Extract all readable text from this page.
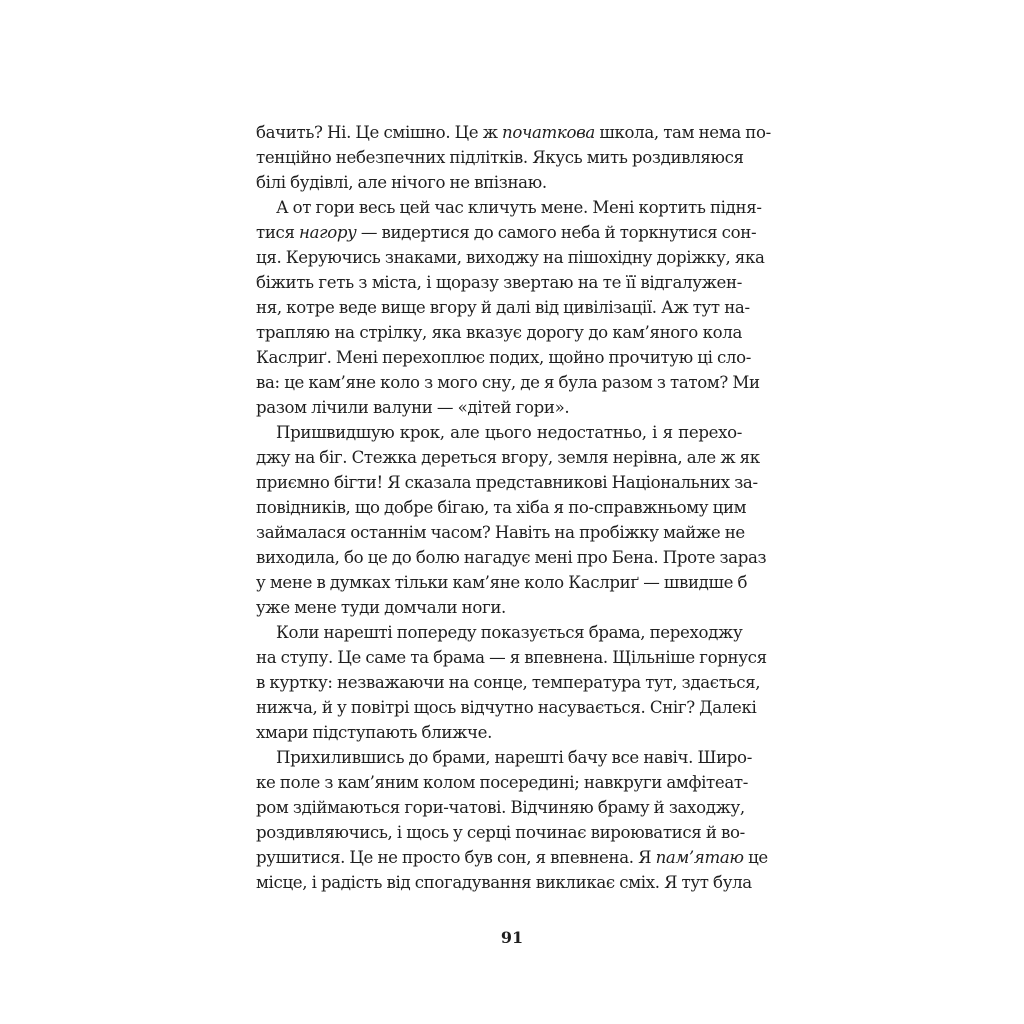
бачить? Ні. Це смішно. Це ж початкова школа, там нема по-
тенційно небезпечних підлітків. Якусь мить роздивляюся
білі будівлі, але нічого не впізнаю.
А от гори весь цей час кличуть мене. Мені кортить підня-
тися нагору — видертися до самого неба й торкнутися сон-
ця. Керуючись знаками, виходжу на пішохідну доріжку, яка
біжить геть з міста, і щоразу звертаю на те її відгалужен-
ня, котре веде вище вгору й далі від цивілізації. Аж тут на-
трапляю на стрілку, яка вказує дорогу до кам’яного кола
Каслриґ. Мені перехоплює подих, щойно прочитую ці сло-
ва: це кам’яне коло з мого сну, де я була разом з татом? Ми
разом лічили валуни — «дітей гори».
Пришвидшую крок, але цього недостатньо, і я перехо-
джу на біг. Стежка дереться вгору, земля нерівна, але ж як
приємно бігти! Я сказала представникові Національних за-
повідників, що добре бігаю, та хіба я по-справжньому цим
займалася останнім часом? Навіть на пробіжку майже не
виходила, бо це до болю нагадує мені про Бена. Проте зараз
у мене в думках тільки кам’яне коло Каслриґ — швидше б
уже мене туди домчали ноги.
Коли нарешті попереду показується брама, переходжу
на ступу. Це саме та брама — я впевнена. Щільніше горнуся
в куртку: незважаючи на сонце, температура тут, здається,
нижча, й у повітрі щось відчутно насувається. Сніг? Далекі
хмари підступають ближче.
Прихилившись до брами, нарешті бачу все навіч. Широ-
ке поле з кам’яним колом посередині; навкруги амфітеат-
ром здіймаються гори-чатові. Відчиняю браму й заходжу,
роздивляючись, і щось у серці починає вироюватися й во-
рушитися. Це не просто був сон, я впевнена. Я пам’ятаю це
місце, і радість від спогадування викликає сміх. Я тут була
91
